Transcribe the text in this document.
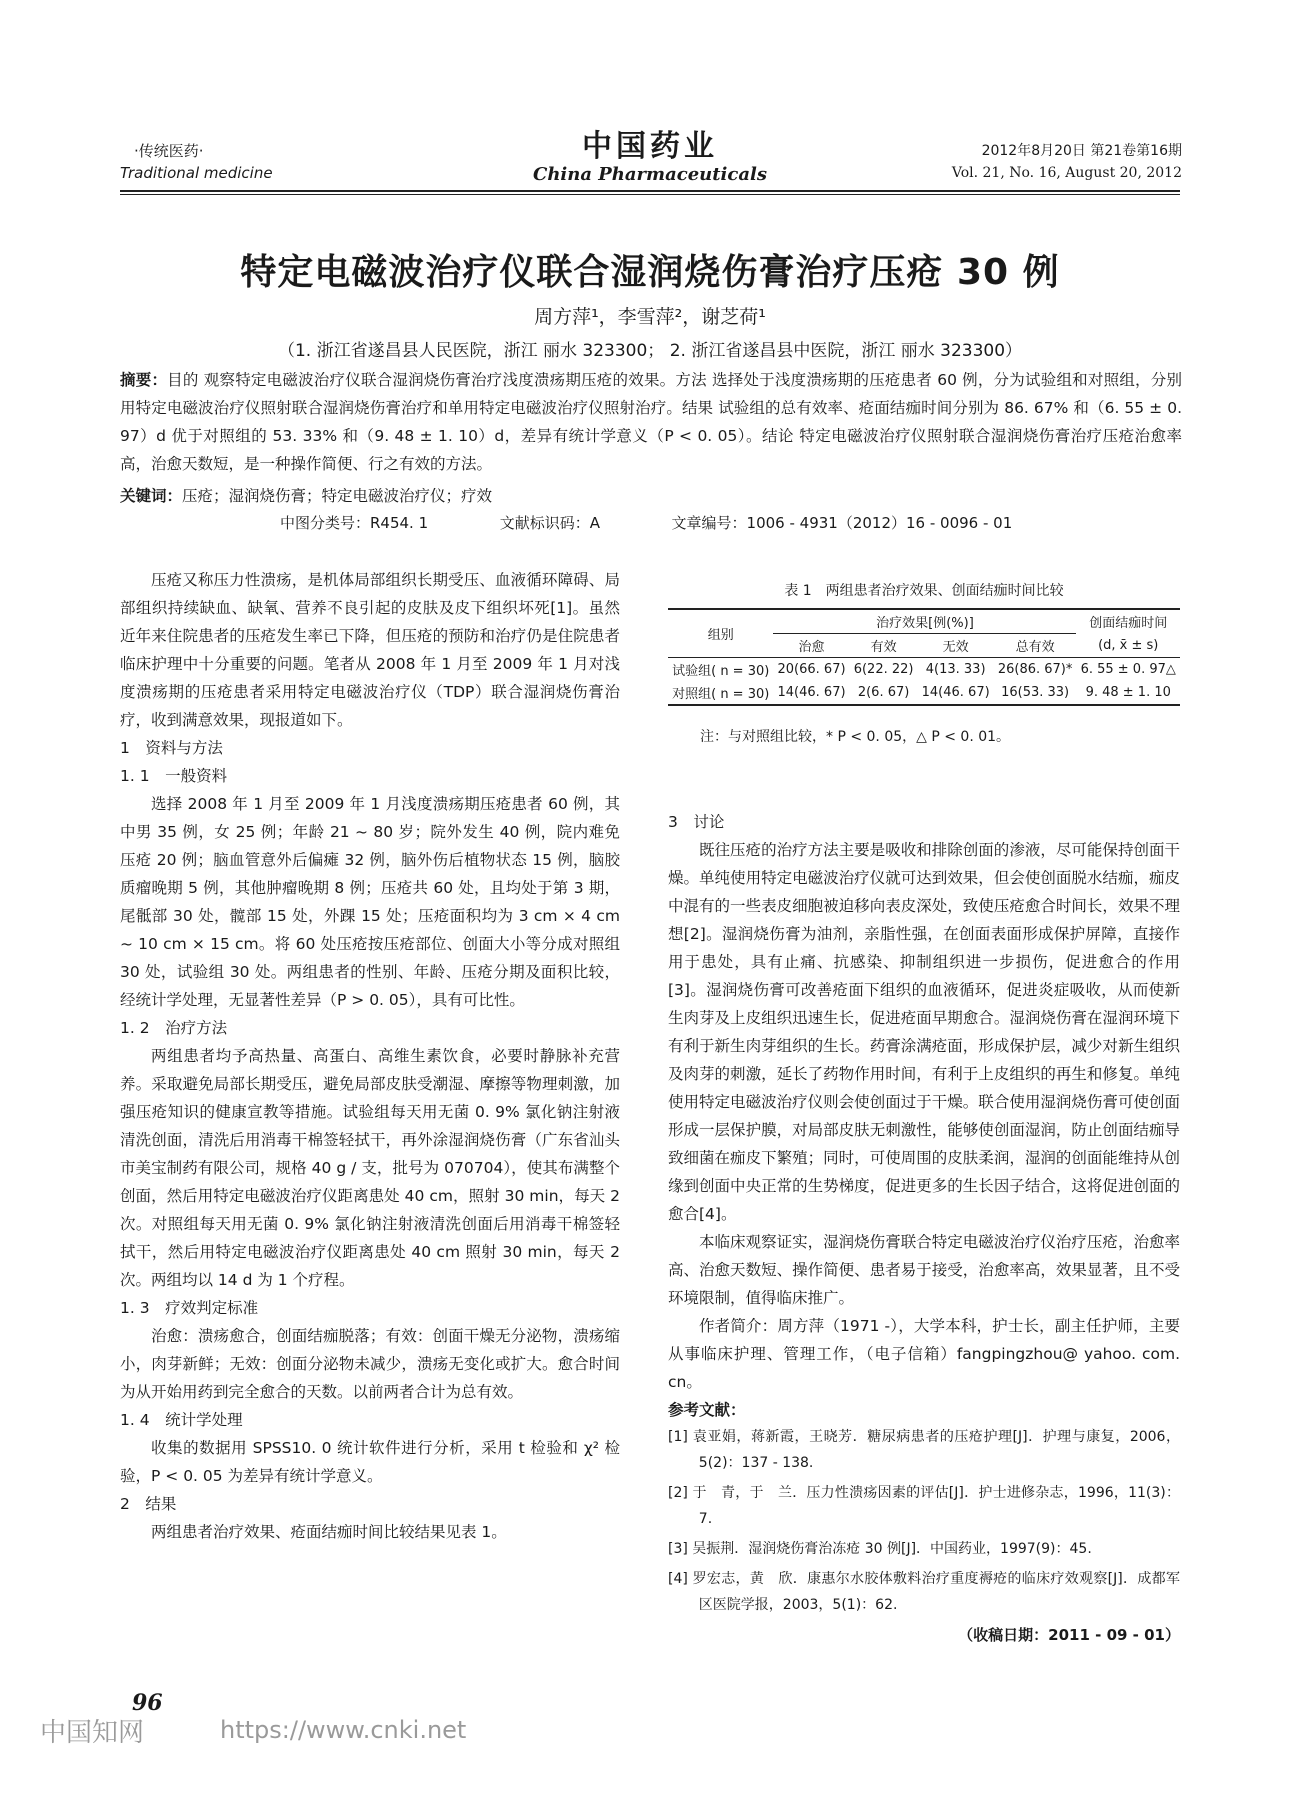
·传统医药·
Traditional medicine
中国药业
China Pharmaceuticals
2012年8月20日 第21卷第16期
Vol. 21, No. 16, August 20, 2012
特定电磁波治疗仪联合湿润烧伤膏治疗压疮 30 例
周方萍¹，李雪萍²，谢芝荷¹
（1. 浙江省遂昌县人民医院，浙江 丽水 323300； 2. 浙江省遂昌县中医院，浙江 丽水 323300）
摘要：目的 观察特定电磁波治疗仪联合湿润烧伤膏治疗浅度溃疡期压疮的效果。方法 选择处于浅度溃疡期的压疮患者 60 例，分为试验组和对照组，分别用特定电磁波治疗仪照射联合湿润烧伤膏治疗和单用特定电磁波治疗仪照射治疗。结果 试验组的总有效率、疮面结痂时间分别为 86. 67% 和（6. 55 ± 0. 97）d 优于对照组的 53. 33% 和（9. 48 ± 1. 10）d，差异有统计学意义（P < 0. 05）。结论 特定电磁波治疗仪照射联合湿润烧伤膏治疗压疮治愈率高，治愈天数短，是一种操作简便、行之有效的方法。
关键词：压疮；湿润烧伤膏；特定电磁波治疗仪；疗效
中图分类号：R454. 1	文献标识码：A	文章编号：1006 - 4931（2012）16 - 0096 - 01

压疮又称压力性溃疡，是机体局部组织长期受压、血液循环障碍、局部组织持续缺血、缺氧、营养不良引起的皮肤及皮下组织坏死[1]。虽然近年来住院患者的压疮发生率已下降，但压疮的预防和治疗仍是住院患者临床护理中十分重要的问题。笔者从 2008 年 1 月至 2009 年 1 月对浅度溃疡期的压疮患者采用特定电磁波治疗仪（TDP）联合湿润烧伤膏治疗，收到满意效果，现报道如下。

1　资料与方法

1. 1　一般资料

选择 2008 年 1 月至 2009 年 1 月浅度溃疡期压疮患者 60 例，其中男 35 例，女 25 例；年龄 21 ~ 80 岁；院外发生 40 例，院内难免压疮 20 例；脑血管意外后偏瘫 32 例，脑外伤后植物状态 15 例，脑胶质瘤晚期 5 例，其他肿瘤晚期 8 例；压疮共 60 处，且均处于第 3 期，尾骶部 30 处，髋部 15 处，外踝 15 处；压疮面积均为 3 cm × 4 cm ~ 10 cm × 15 cm。将 60 处压疮按压疮部位、创面大小等分成对照组 30 处，试验组 30 处。两组患者的性别、年龄、压疮分期及面积比较，经统计学处理，无显著性差异（P > 0. 05），具有可比性。

1. 2　治疗方法

两组患者均予高热量、高蛋白、高维生素饮食，必要时静脉补充营养。采取避免局部长期受压，避免局部皮肤受潮湿、摩擦等物理刺激，加强压疮知识的健康宣教等措施。试验组每天用无菌 0. 9% 氯化钠注射液清洗创面，清洗后用消毒干棉签轻拭干，再外涂湿润烧伤膏（广东省汕头市美宝制药有限公司，规格 40 g / 支，批号为 070704），使其布满整个创面，然后用特定电磁波治疗仪距离患处 40 cm，照射 30 min，每天 2 次。对照组每天用无菌 0. 9% 氯化钠注射液清洗创面后用消毒干棉签轻拭干，然后用特定电磁波治疗仪距离患处 40 cm 照射 30 min，每天 2 次。两组均以 14 d 为 1 个疗程。

1. 3　疗效判定标准

治愈：溃疡愈合，创面结痂脱落；有效：创面干燥无分泌物，溃疡缩小，肉芽新鲜；无效：创面分泌物未减少，溃疡无变化或扩大。愈合时间为从开始用药到完全愈合的天数。以前两者合计为总有效。

1. 4　统计学处理

收集的数据用 SPSS10. 0 统计软件进行分析，采用 t 检验和 χ² 检验，P < 0. 05 为差异有统计学意义。

2　结果

两组患者治疗效果、疮面结痂时间比较结果见表 1。

表 1　两组患者治疗效果、创面结痂时间比较
组别	治疗效果[例(%)]				创面结痂时间
	治愈	有效	无效	总有效	(d, x̄ ± s)
试验组( n = 30)	20(66. 67)	6(22. 22)	4(13. 33)	26(86. 67)*	6. 55 ± 0. 97△
对照组( n = 30)	14(46. 67)	2(6. 67)	14(46. 67)	16(53. 33)	9. 48 ± 1. 10
注：与对照组比较，* P < 0. 05，△ P < 0. 01。

3　讨论

既往压疮的治疗方法主要是吸收和排除创面的渗液，尽可能保持创面干燥。单纯使用特定电磁波治疗仪就可达到效果，但会使创面脱水结痂，痂皮中混有的一些表皮细胞被迫移向表皮深处，致使压疮愈合时间长，效果不理想[2]。湿润烧伤膏为油剂，亲脂性强，在创面表面形成保护屏障，直接作用于患处，具有止痛、抗感染、抑制组织进一步损伤，促进愈合的作用[3]。湿润烧伤膏可改善疮面下组织的血液循环，促进炎症吸收，从而使新生肉芽及上皮组织迅速生长，促进疮面早期愈合。湿润烧伤膏在湿润环境下有利于新生肉芽组织的生长。药膏涂满疮面，形成保护层，减少对新生组织及肉芽的刺激，延长了药物作用时间，有利于上皮组织的再生和修复。单纯使用特定电磁波治疗仪则会使创面过于干燥。联合使用湿润烧伤膏可使创面形成一层保护膜，对局部皮肤无刺激性，能够使创面湿润，防止创面结痂导致细菌在痂皮下繁殖；同时，可使周围的皮肤柔润，湿润的创面能维持从创缘到创面中央正常的生势梯度，促进更多的生长因子结合，这将促进创面的愈合[4]。

本临床观察证实，湿润烧伤膏联合特定电磁波治疗仪治疗压疮，治愈率高、治愈天数短、操作简便、患者易于接受，治愈率高，效果显著，且不受环境限制，值得临床推广。

作者简介：周方萍（1971 -），大学本科，护士长，副主任护师，主要从事临床护理、管理工作，（电子信箱）fangpingzhou@ yahoo. com. cn。

参考文献：

[1] 袁亚娟，蒋新霞，王晓芳．糖尿病患者的压疮护理[J]．护理与康复，2006，5(2)：137 - 138.

[2] 于　青，于　兰．压力性溃疡因素的评估[J]．护士进修杂志，1996，11(3)：7.

[3] 吴振荆．湿润烧伤膏治冻疮 30 例[J]．中国药业，1997(9)：45.

[4] 罗宏志，黄　欣．康惠尔水胶体敷料治疗重度褥疮的临床疗效观察[J]．成都军区医院学报，2003，5(1)：62.

（收稿日期：2011 - 09 - 01）
96
中国知网	https://www.cnki.net
